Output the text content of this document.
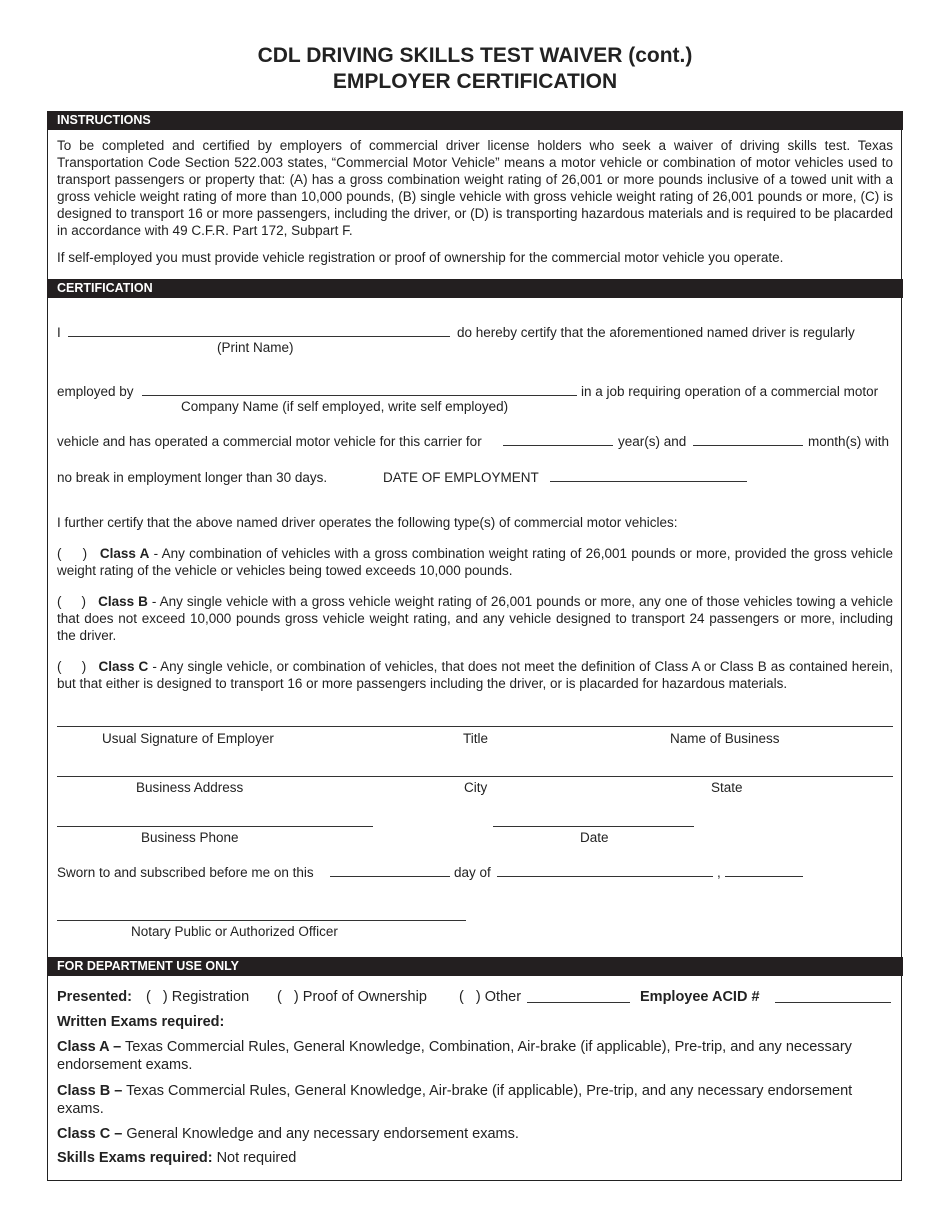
CDL DRIVING SKILLS TEST WAIVER (cont.)
EMPLOYER CERTIFICATION
INSTRUCTIONS
To be completed and certified by employers of commercial driver license holders who seek a waiver of driving skills test. Texas Transportation Code Section 522.003 states, “Commercial Motor Vehicle” means a motor vehicle or combination of motor vehicles used to transport passengers or property that: (A) has a gross combination weight rating of 26,001 or more pounds inclusive of a towed unit with a gross vehicle weight rating of more than 10,000 pounds, (B) single vehicle with gross vehicle weight rating of 26,001 pounds or more, (C) is designed to transport 16 or more passengers, including the driver, or (D) is transporting hazardous materials and is required to be placarded in accordance with 49 C.F.R. Part 172, Subpart F.
If self-employed you must provide vehicle registration or proof of ownership for the commercial motor vehicle you operate.
CERTIFICATION
I	do hereby certify that the aforementioned named driver is regularly
(Print Name)
employed by	in a job requiring operation of a commercial motor
Company Name (if self employed, write self employed)
vehicle and has operated a commercial motor vehicle for this carrier for	year(s) and	month(s) with
no break in employment longer than 30 days.	DATE OF EMPLOYMENT
I further certify that the above named driver operates the following type(s) of commercial motor vehicles:
(     ) Class A - Any combination of vehicles with a gross combination weight rating of 26,001 pounds or more, provided the gross vehicle weight rating of the vehicle or vehicles being towed exceeds 10,000 pounds.
(     ) Class B - Any single vehicle with a gross vehicle weight rating of 26,001 pounds or more, any one of those vehicles towing a vehicle that does not exceed 10,000 pounds gross vehicle weight rating, and any vehicle designed to transport 24 passengers or more, including the driver.
(     ) Class C - Any single vehicle, or combination of vehicles, that does not meet the definition of Class A or Class B as contained herein, but that either is designed to transport 16 or more passengers including the driver, or is placarded for hazardous materials.
Usual Signature of Employer	Title	Name of Business
Business Address	City	State
Business Phone	Date
Sworn to and subscribed before me on this	day of	,
Notary Public or Authorized Officer
FOR DEPARTMENT USE ONLY
Presented: (   ) Registration (   ) Proof of Ownership (   ) Other	Employee ACID #
Written Exams required:
Class A – Texas Commercial Rules, General Knowledge, Combination, Air-brake (if applicable), Pre-trip, and any necessary endorsement exams.
Class B – Texas Commercial Rules, General Knowledge, Air-brake (if applicable), Pre-trip, and any necessary endorsement exams.
Class C – General Knowledge and any necessary endorsement exams.
Skills Exams required: Not required
